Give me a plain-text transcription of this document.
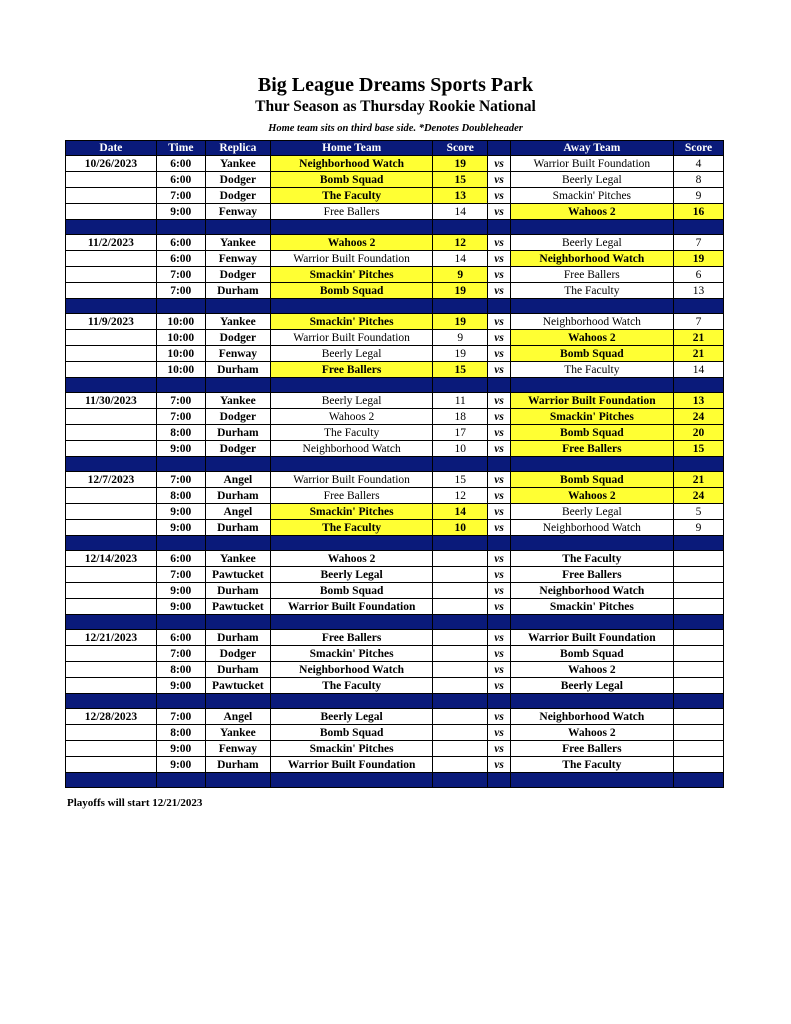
Big League Dreams Sports Park
Thur Season as Thursday Rookie National
Home team sits on third base side. *Denotes Doubleheader
Date	Time	Replica	Home Team	Score		Away Team	Score
10/26/2023	6:00	Yankee	Neighborhood Watch	19	vs	Warrior Built Foundation	4
	6:00	Dodger	Bomb Squad	15	vs	Beerly Legal	8
	7:00	Dodger	The Faculty	13	vs	Smackin' Pitches	9
	9:00	Fenway	Free Ballers	14	vs	Wahoos 2	16

11/2/2023	6:00	Yankee	Wahoos 2	12	vs	Beerly Legal	7
	6:00	Fenway	Warrior Built Foundation	14	vs	Neighborhood Watch	19
	7:00	Dodger	Smackin' Pitches	9	vs	Free Ballers	6
	7:00	Durham	Bomb Squad	19	vs	The Faculty	13

11/9/2023	10:00	Yankee	Smackin' Pitches	19	vs	Neighborhood Watch	7
	10:00	Dodger	Warrior Built Foundation	9	vs	Wahoos 2	21
	10:00	Fenway	Beerly Legal	19	vs	Bomb Squad	21
	10:00	Durham	Free Ballers	15	vs	The Faculty	14

11/30/2023	7:00	Yankee	Beerly Legal	11	vs	Warrior Built Foundation	13
	7:00	Dodger	Wahoos 2	18	vs	Smackin' Pitches	24
	8:00	Durham	The Faculty	17	vs	Bomb Squad	20
	9:00	Dodger	Neighborhood Watch	10	vs	Free Ballers	15

12/7/2023	7:00	Angel	Warrior Built Foundation	15	vs	Bomb Squad	21
	8:00	Durham	Free Ballers	12	vs	Wahoos 2	24
	9:00	Angel	Smackin' Pitches	14	vs	Beerly Legal	5
	9:00	Durham	The Faculty	10	vs	Neighborhood Watch	9

12/14/2023	6:00	Yankee	Wahoos 2		vs	The Faculty	
	7:00	Pawtucket	Beerly Legal		vs	Free Ballers	
	9:00	Durham	Bomb Squad		vs	Neighborhood Watch	
	9:00	Pawtucket	Warrior Built Foundation		vs	Smackin' Pitches	

12/21/2023	6:00	Durham	Free Ballers		vs	Warrior Built Foundation	
	7:00	Dodger	Smackin' Pitches		vs	Bomb Squad	
	8:00	Durham	Neighborhood Watch		vs	Wahoos 2	
	9:00	Pawtucket	The Faculty		vs	Beerly Legal	

12/28/2023	7:00	Angel	Beerly Legal		vs	Neighborhood Watch	
	8:00	Yankee	Bomb Squad		vs	Wahoos 2	
	9:00	Fenway	Smackin' Pitches		vs	Free Ballers	
	9:00	Durham	Warrior Built Foundation		vs	The Faculty	

Playoffs will start 12/21/2023
